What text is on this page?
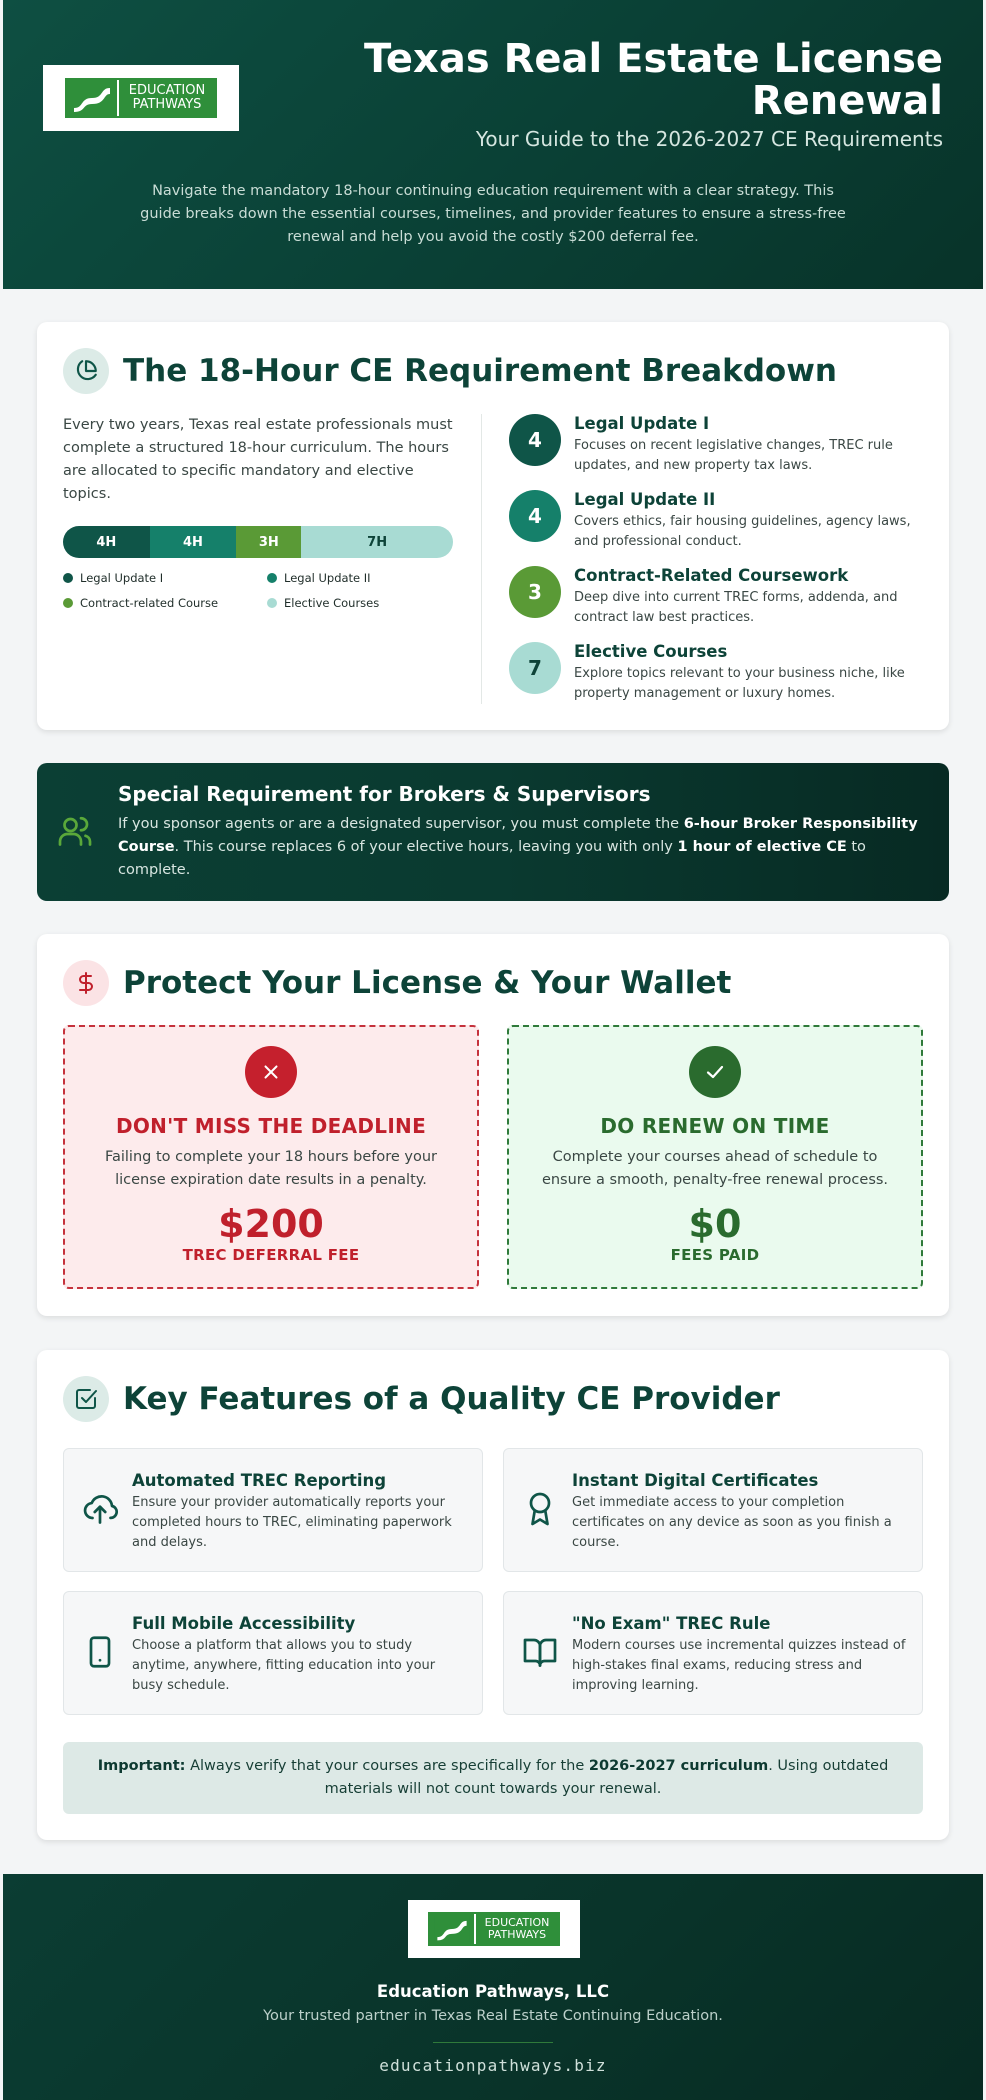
EDUCATION
PATHWAYS
Texas Real Estate License Renewal
Your Guide to the 2026-2027 CE Requirements
Navigate the mandatory 18-hour continuing education requirement with a clear strategy. This guide breaks down the essential courses, timelines, and provider features to ensure a stress-free renewal and help you avoid the costly $200 deferral fee.
The 18-Hour CE Requirement Breakdown
Every two years, Texas real estate professionals must complete a structured 18-hour curriculum. The hours are allocated to specific mandatory and elective topics.
4H	4H	3H	7H
Legal Update I	Legal Update II
Contract-related Course	Elective Courses
4
Legal Update I
Focuses on recent legislative changes, TREC rule updates, and new property tax laws.
4
Legal Update II
Covers ethics, fair housing guidelines, agency laws, and professional conduct.
3
Contract-Related Coursework
Deep dive into current TREC forms, addenda, and contract law best practices.
7
Elective Courses
Explore topics relevant to your business niche, like property management or luxury homes.
Special Requirement for Brokers & Supervisors
If you sponsor agents or are a designated supervisor, you must complete the 6-hour Broker Responsibility Course. This course replaces 6 of your elective hours, leaving you with only 1 hour of elective CE to complete.
Protect Your License & Your Wallet
DON'T MISS THE DEADLINE
Failing to complete your 18 hours before your license expiration date results in a penalty.
$200
TREC DEFERRAL FEE
DO RENEW ON TIME
Complete your courses ahead of schedule to ensure a smooth, penalty-free renewal process.
$0
FEES PAID
Key Features of a Quality CE Provider
Automated TREC Reporting
Ensure your provider automatically reports your completed hours to TREC, eliminating paperwork and delays.
Instant Digital Certificates
Get immediate access to your completion certificates on any device as soon as you finish a course.
Full Mobile Accessibility
Choose a platform that allows you to study anytime, anywhere, fitting education into your busy schedule.
"No Exam" TREC Rule
Modern courses use incremental quizzes instead of high-stakes final exams, reducing stress and improving learning.
Important: Always verify that your courses are specifically for the 2026-2027 curriculum. Using outdated materials will not count towards your renewal.
EDUCATION
PATHWAYS
Education Pathways, LLC
Your trusted partner in Texas Real Estate Continuing Education.
educationpathways.biz
